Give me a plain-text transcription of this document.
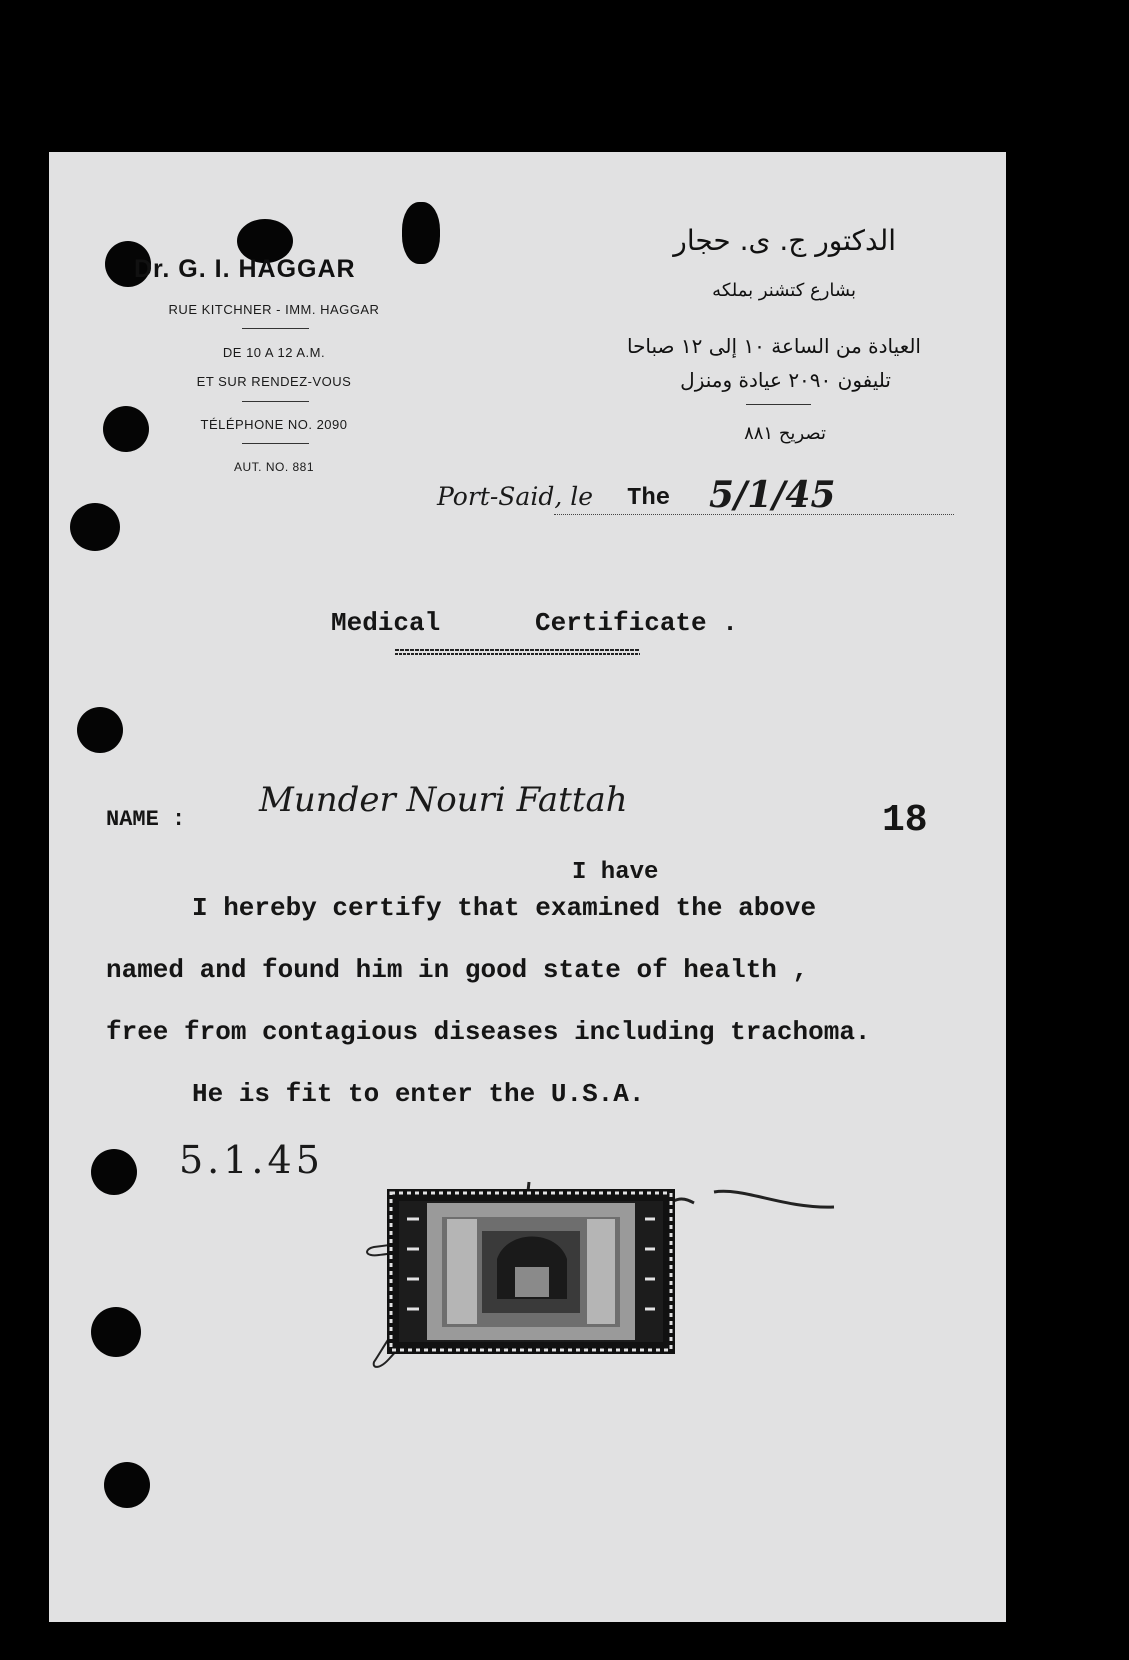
Dr. G. I. HAGGAR
RUE KITCHNER - IMM. HAGGAR
DE 10 A 12 A.M.
ET SUR RENDEZ-VOUS
TÉLÉPHONE NO. 2090
AUT. NO. 881
الدكتور ج. ى. حجار
بشارع كتشنر بملكه
العيادة من الساعة ١٠ إلى ١٢ صباحا
تليفون ٢٠٩٠ عيادة ومنزل
تصريح ٨٨١
Port-Said, le The 5/1/45
Medical	Certificate .
NAME : Munder Nouri Fattah	18
I have
I hereby certify that examined the above
named and found him in good state of health ,
free from contagious diseases including trachoma.
He is fit to enter the U.S.A.
5.1.45
